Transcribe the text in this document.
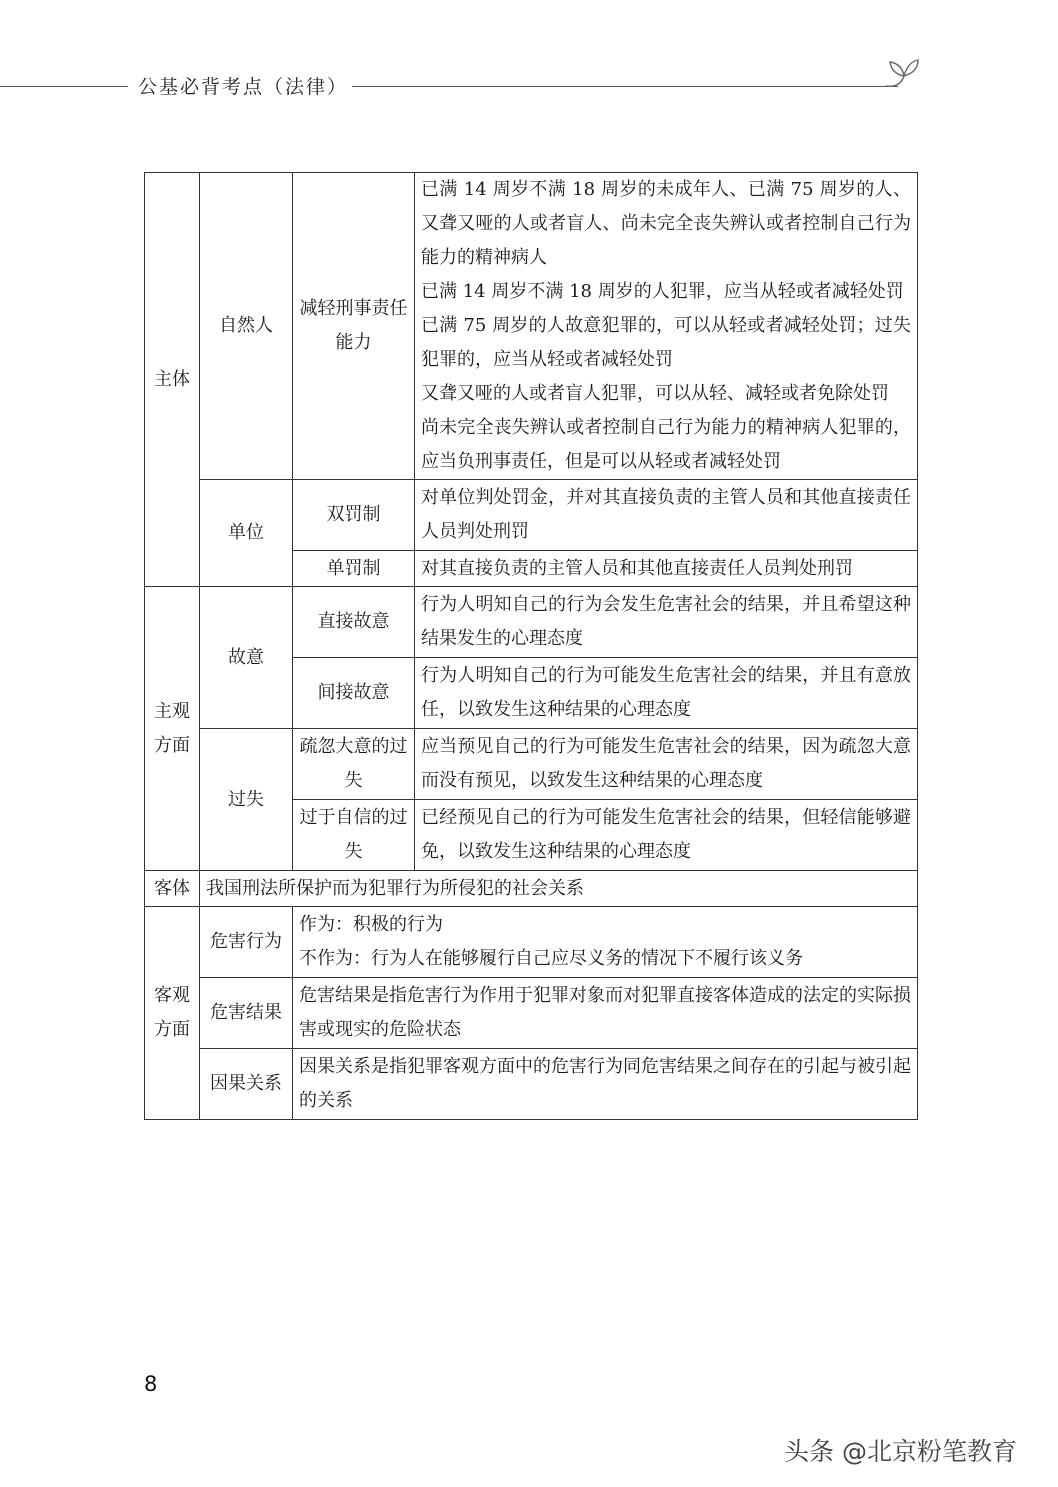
公基必背考点（法律）
主体	自然人	减轻刑事责任能力	已满 14 周岁不满 18 周岁的未成年人、已满 75 周岁的人、又聋又哑的人或者盲人、尚未完全丧失辨认或者控制自己行为能力的精神病人
已满 14 周岁不满 18 周岁的人犯罪，应当从轻或者减轻处罚
已满 75 周岁的人故意犯罪的，可以从轻或者减轻处罚；过失犯罪的，应当从轻或者减轻处罚
又聋又哑的人或者盲人犯罪，可以从轻、减轻或者免除处罚
尚未完全丧失辨认或者控制自己行为能力的精神病人犯罪的，应当负刑事责任，但是可以从轻或者减轻处罚

	单位	双罚制	对单位判处罚金，并对其直接负责的主管人员和其他直接责任人员判处刑罚
		单罚制	对其直接负责的主管人员和其他直接责任人员判处刑罚
主观方面	故意	直接故意	行为人明知自己的行为会发生危害社会的结果，并且希望这种结果发生的心理态度
		间接故意	行为人明知自己的行为可能发生危害社会的结果，并且有意放任，以致发生这种结果的心理态度
	过失	疏忽大意的过失	应当预见自己的行为可能发生危害社会的结果，因为疏忽大意而没有预见，以致发生这种结果的心理态度
		过于自信的过失	已经预见自己的行为可能发生危害社会的结果，但轻信能够避免，以致发生这种结果的心理态度
客体	我国刑法所保护而为犯罪行为所侵犯的社会关系		
客观方面	危害行为	作为：积极的行为
不作为：行为人在能够履行自己应尽义务的情况下不履行该义务	

	危害结果	危害结果是指危害行为作用于犯罪对象而对犯罪直接客体造成的法定的实际损害或现实的危险状态	
	因果关系	因果关系是指犯罪客观方面中的危害行为同危害结果之间存在的引起与被引起的关系	
8
头条 @北京粉笔教育
